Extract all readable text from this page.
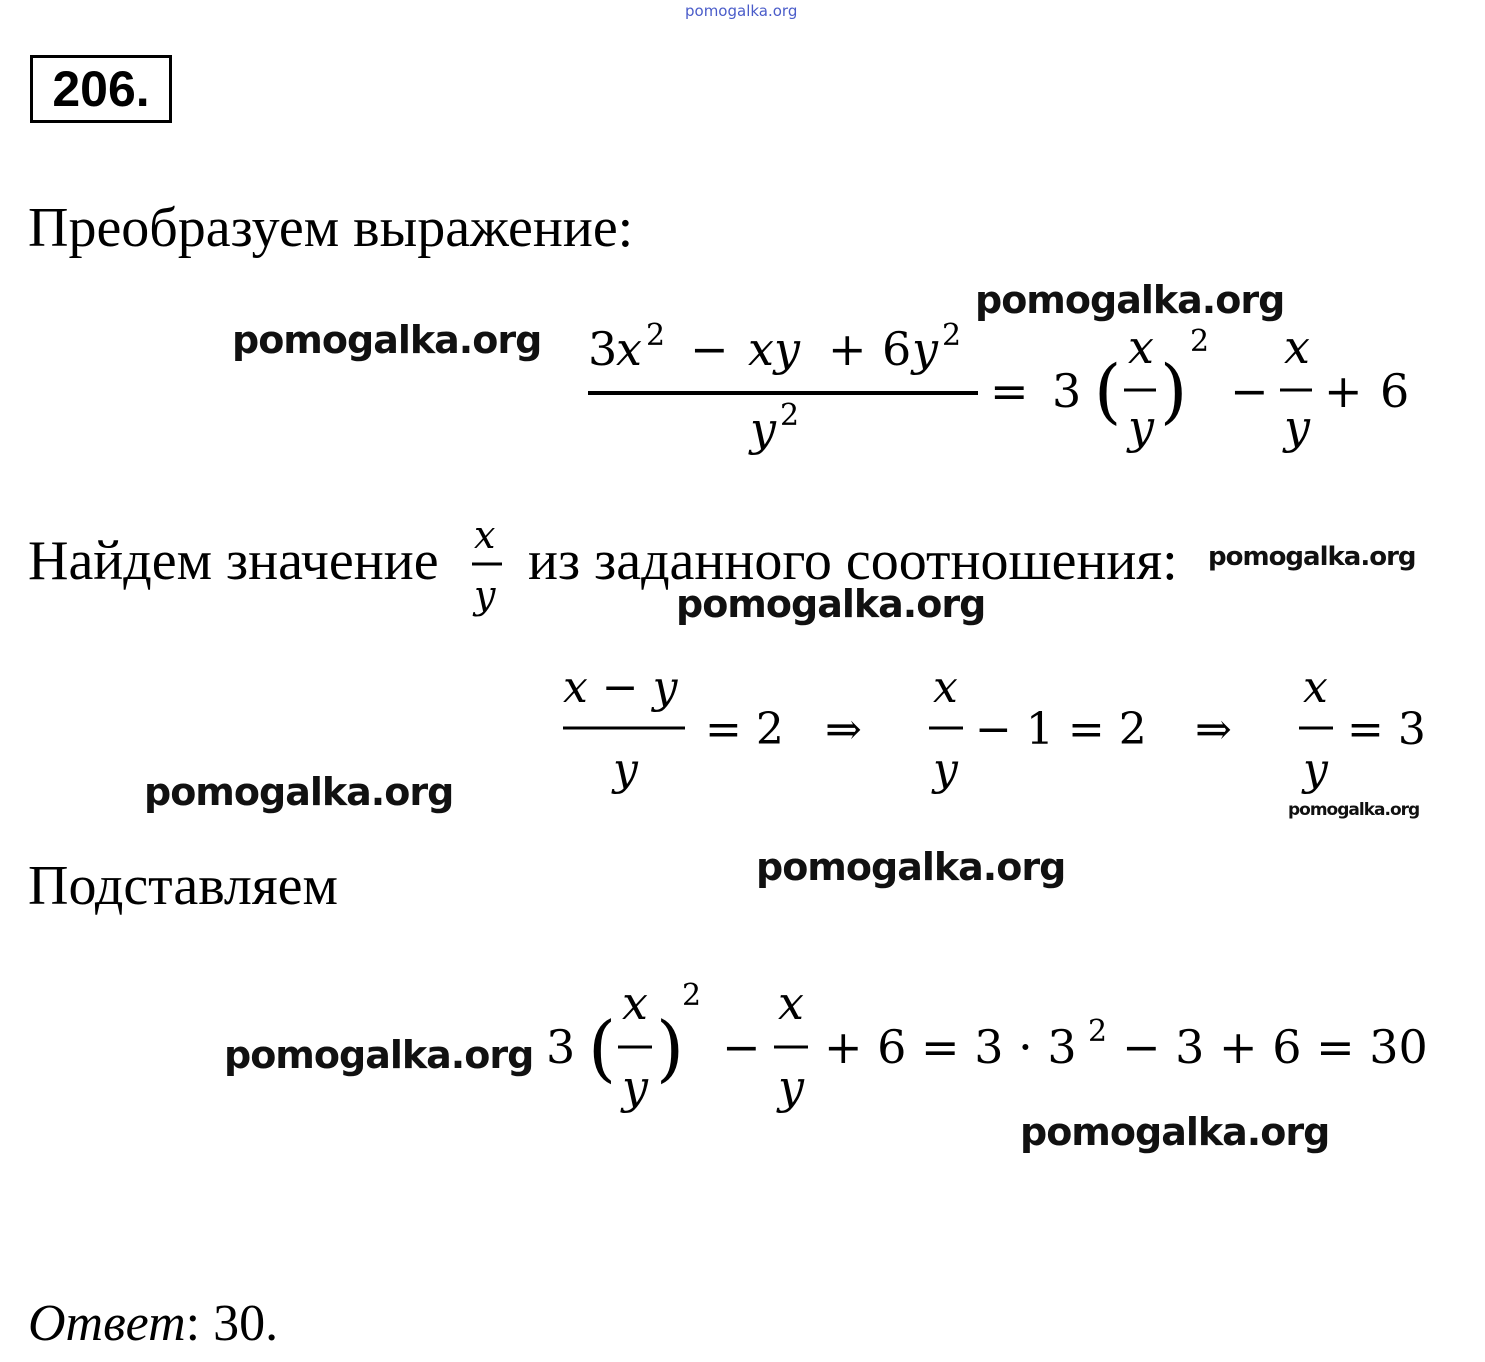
pomogalka.org
206.
Преобразуем выражение:
3
x 2 − xy + 6 y 2
y 2	= 3 (
x
y )
2
−
x
y
+ 6
Найдем значение x
y
из заданного соотношения:
x − y
y
= 2 ⇒
x
y
− 1 = 2 ⇒
x
y
= 3
Подставляем
3 (
x
y )
2
−
x
y
+ 6 = 3 · 3 2 − 3 + 6 = 30
Ответ: 30.
pomogalka.org
pomogalka.org
pomogalka.org
pomogalka.org
pomogalka.org	pomogalka.org
pomogalka.org
pomogalka.org
pomogalka.org
